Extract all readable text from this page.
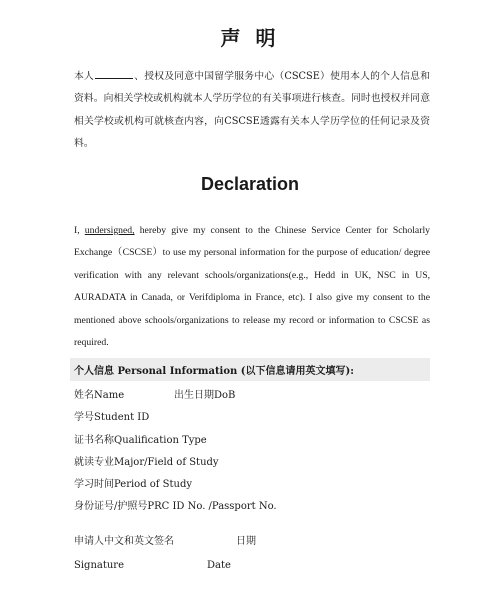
声 明
本人	、授权及同意中国留学服务中心（CSCSE）使用本人的个人信息和资料。向相关学校或机构就本人学历学位的有关事项进行核查。同时也授权并同意相关学校或机构可就核查内容，向CSCSE透露有关本人学历学位的任何记录及资料。
Declaration
I, undersigned, hereby give my consent to the Chinese Service Center for Scholarly Exchange（CSCSE）to use my personal information for the purpose of education/ degree verification with any relevant schools/organizations(e.g., Hedd in UK, NSC in US, AURADATA in Canada, or Verifdiploma in France, etc). I also give my consent to the mentioned above schools/organizations to release my record or information to CSCSE as required.
个人信息 Personal Information (以下信息请用英文填写):
姓名Name	出生日期DoB
学号Student ID
证书名称Qualification Type
就读专业Major/Field of Study
学习时间Period of Study
身份证号/护照号PRC ID No. /Passport No.
申请人中文和英文签名	日期
Signature	Date
